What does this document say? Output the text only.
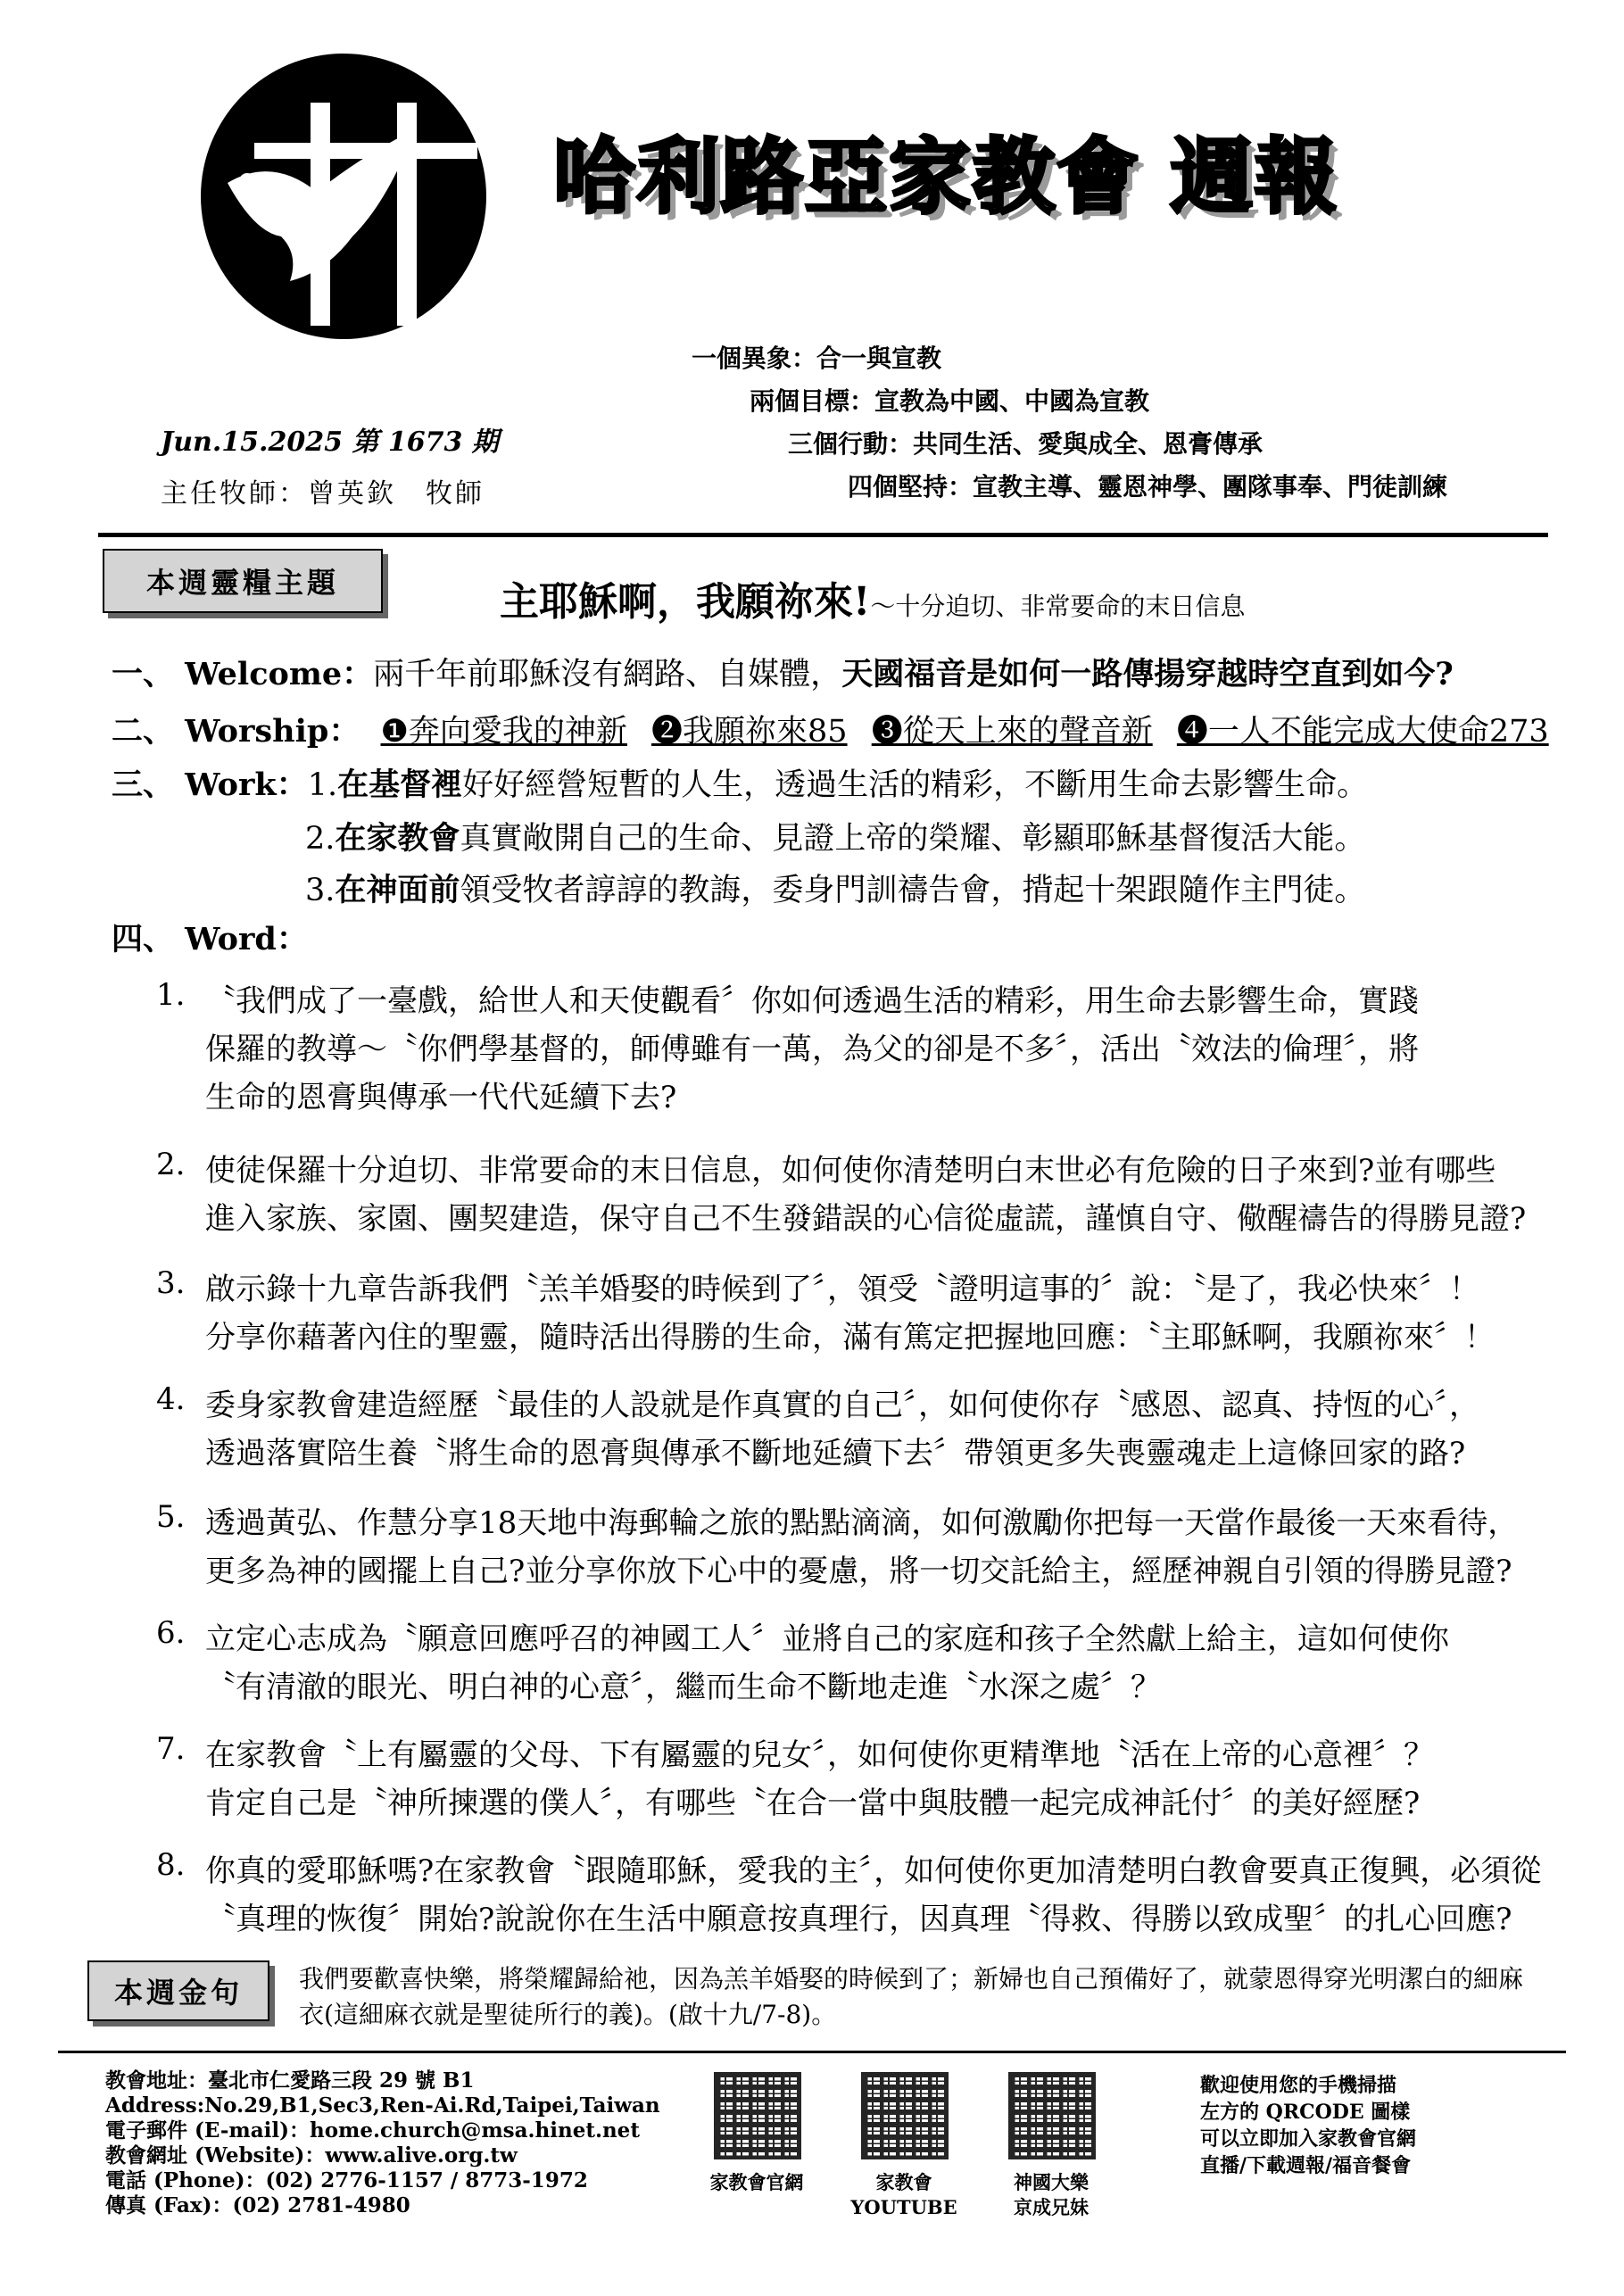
哈利路亞家教會 週報
一個異象：合一與宣教
兩個目標：宣教為中國、中國為宣教
三個行動：共同生活、愛與成全、恩膏傳承
四個堅持：宣教主導、靈恩神學、團隊事奉、門徒訓練
Jun.15.2025 第 1673 期
主任牧師：曾英欽　牧師
本週靈糧主題	主耶穌啊，我願祢來!～十分迫切、非常要命的末日信息
一、 Welcome：兩千年前耶穌沒有網路、自媒體，天國福音是如何一路傳揚穿越時空直到如今?
二、 Worship： ❶奔向愛我的神新 ❷我願祢來85 ❸從天上來的聲音新 ❹一人不能完成大使命273
三、 Work：1.在基督裡好好經營短暫的人生，透過生活的精彩，不斷用生命去影響生命。
2.在家教會真實敞開自己的生命、見證上帝的榮耀、彰顯耶穌基督復活大能。
3.在神面前領受牧者諄諄的教誨，委身門訓禱告會，揹起十架跟隨作主門徒。
四、 Word：
1. 〝我們成了一臺戲，給世人和天使觀看〞你如何透過生活的精彩，用生命去影響生命，實踐
保羅的教導～〝你們學基督的，師傅雖有一萬，為父的卻是不多〞，活出〝效法的倫理〞，將
生命的恩膏與傳承一代代延續下去?
2. 使徒保羅十分迫切、非常要命的末日信息，如何使你清楚明白末世必有危險的日子來到?並有哪些
進入家族、家園、團契建造，保守自己不生發錯誤的心信從虛謊，謹慎自守、儆醒禱告的得勝見證?
3. 啟示錄十九章告訴我們〝羔羊婚娶的時候到了〞，領受〝證明這事的〞說：〝是了，我必快來〞！
分享你藉著內住的聖靈，隨時活出得勝的生命，滿有篤定把握地回應：〝主耶穌啊，我願祢來〞！
4. 委身家教會建造經歷〝最佳的人設就是作真實的自己〞，如何使你存〝感恩、認真、持恆的心〞，
透過落實陪生養〝將生命的恩膏與傳承不斷地延續下去〞帶領更多失喪靈魂走上這條回家的路?
5. 透過黃弘、作慧分享18天地中海郵輪之旅的點點滴滴，如何激勵你把每一天當作最後一天來看待，
更多為神的國擺上自己?並分享你放下心中的憂慮，將一切交託給主，經歷神親自引領的得勝見證?
6. 立定心志成為〝願意回應呼召的神國工人〞並將自己的家庭和孩子全然獻上給主，這如何使你
〝有清澈的眼光、明白神的心意〞，繼而生命不斷地走進〝水深之處〞？
7. 在家教會〝上有屬靈的父母、下有屬靈的兒女〞，如何使你更精準地〝活在上帝的心意裡〞？
肯定自己是〝神所揀選的僕人〞，有哪些〝在合一當中與肢體一起完成神託付〞的美好經歷?
8. 你真的愛耶穌嗎?在家教會〝跟隨耶穌，愛我的主〞，如何使你更加清楚明白教會要真正復興，必須從
〝真理的恢復〞開始?說說你在生活中願意按真理行，因真理〝得救、得勝以致成聖〞的扎心回應?
本週金句	我們要歡喜快樂，將榮耀歸給祂，因為羔羊婚娶的時候到了；新婦也自己預備好了，就蒙恩得穿光明潔白的細麻衣(這細麻衣就是聖徒所行的義)。(啟十九/7-8)。
教會地址：臺北市仁愛路三段 29 號 B1
Address:No.29,B1,Sec3,Ren-Ai.Rd,Taipei,Taiwan
電子郵件 (E-mail)：home.church@msa.hinet.net
教會網址 (Website)：www.alive.org.tw
電話 (Phone)：(02) 2776-1157 / 8773-1972
傳真 (Fax)：(02) 2781-4980
家教會官網	家教會
YOUTUBE
神國大樂
京成兄妹
歡迎使用您的手機掃描
左方的 QRCODE 圖樣
可以立即加入家教會官網
直播/下載週報/福音餐會
